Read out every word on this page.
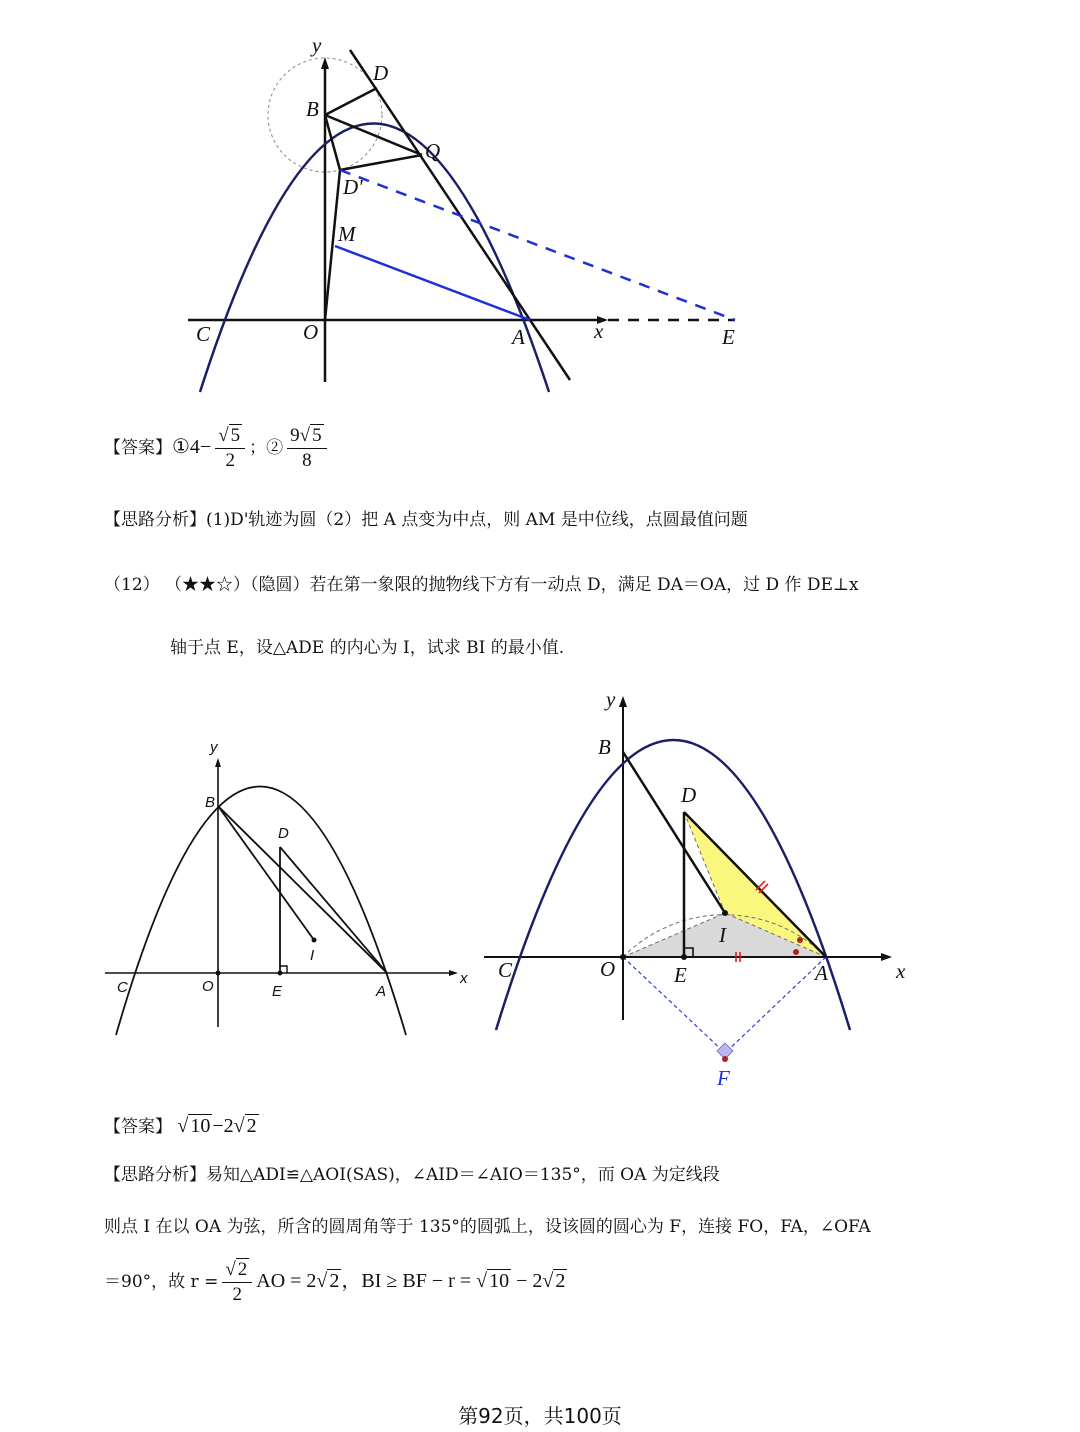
y
D
B
Q
D'
M
C	O	A	x	E
【答案】①4− $\frac{√ 5}{2}$ ；② $\frac{9√ 5}{8}$
【思路分析】(1)D'轨迹为圆（2）把 A 点变为中点，则 AM 是中位线，点圆最值问题
（12） （★★☆）（隐圆）若在第一象限的抛物线下方有一动点 D，满足 DA＝OA，过 D 作 DE⊥x
轴于点 E，设△ADE 的内心为 I，试求 BI 的最小值.
y
B
D
I
C	O	E	A
x
y
B
D
I
C	O	E	A	x
F
【答案】 √ 10 −2√ 2
【思路分析】易知△ADI≌△AOI(SAS)，∠AID＝∠AIO＝135°，而 OA 为定线段
则点 I 在以 OA 为弦，所含的圆周角等于 135°的圆弧上，设该圆的圆心为 F，连接 FO，FA，∠OFA
＝90°，故 $r = \frac{√ 2}{2}$ AO = 2√ 2 ，BI ≥ BF − r = √ 10 − 2√ 2
第92页，共100页
